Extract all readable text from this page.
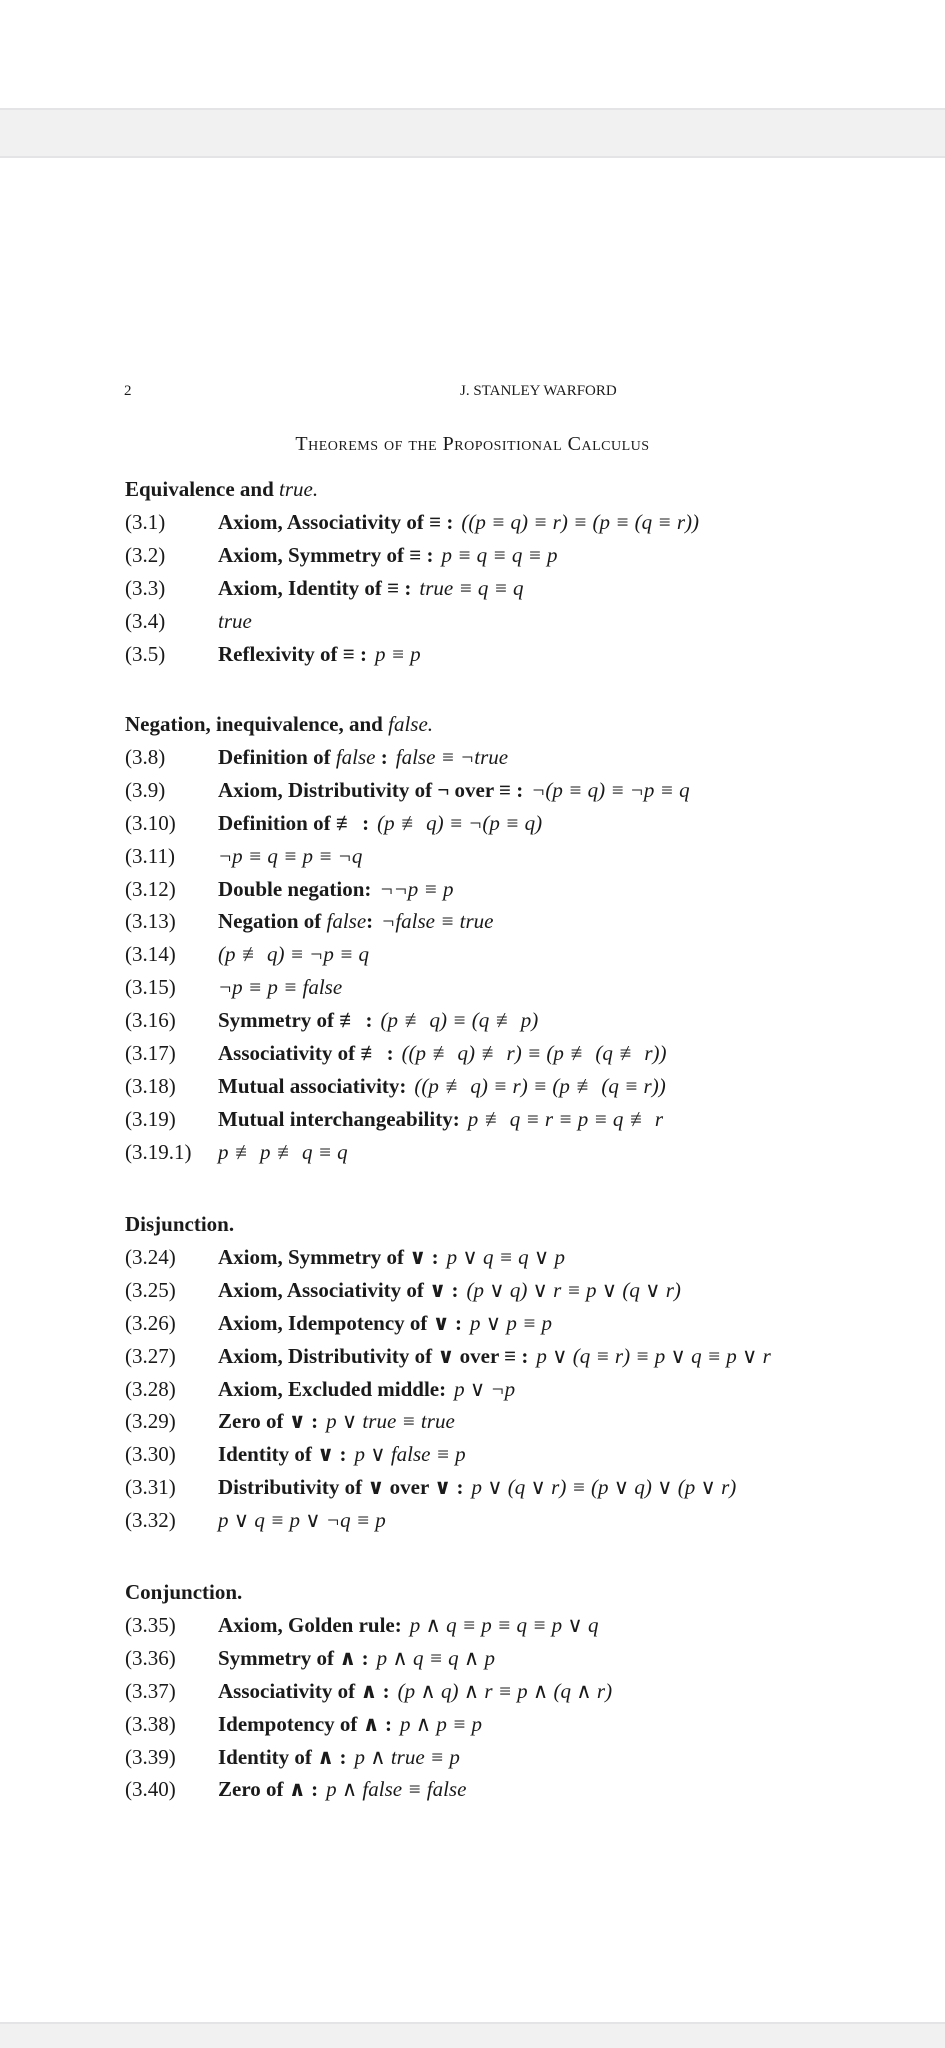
2	J. STANLEY WARFORD
Theorems of the Propositional Calculus
Equivalence and true.
(3.1)	Axiom, Associativity of ≡ : ((p ≡ q) ≡ r) ≡ (p ≡ (q ≡ r))
(3.2)	Axiom, Symmetry of ≡ : p ≡ q ≡ q ≡ p
(3.3)	Axiom, Identity of ≡ : true ≡ q ≡ q
(3.4)	true
(3.5)	Reflexivity of ≡ : p ≡ p
Negation, inequivalence, and false.
(3.8)	Definition of false : false ≡ ¬true
(3.9)	Axiom, Distributivity of ¬ over ≡ : ¬(p ≡ q) ≡ ¬p ≡ q
(3.10)	Definition of ≢ : (p ≢ q) ≡ ¬(p ≡ q)
(3.11)	¬p ≡ q ≡ p ≡ ¬q
(3.12)	Double negation: ¬¬p ≡ p
(3.13)	Negation of false: ¬false ≡ true
(3.14)	(p ≢ q) ≡ ¬p ≡ q
(3.15)	¬p ≡ p ≡ false
(3.16)	Symmetry of ≢ : (p ≢ q) ≡ (q ≢ p)
(3.17)	Associativity of ≢ : ((p ≢ q) ≢ r) ≡ (p ≢ (q ≢ r))
(3.18)	Mutual associativity: ((p ≢ q) ≡ r) ≡ (p ≢ (q ≡ r))
(3.19)	Mutual interchangeability: p ≢ q ≡ r ≡ p ≡ q ≢ r
(3.19.1)	p ≢ p ≢ q ≡ q
Disjunction.
(3.24)	Axiom, Symmetry of ∨ : p ∨ q ≡ q ∨ p
(3.25)	Axiom, Associativity of ∨ : (p ∨ q) ∨ r ≡ p ∨ (q ∨ r)
(3.26)	Axiom, Idempotency of ∨ : p ∨ p ≡ p
(3.27)	Axiom, Distributivity of ∨ over ≡ : p ∨ (q ≡ r) ≡ p ∨ q ≡ p ∨ r
(3.28)	Axiom, Excluded middle: p ∨ ¬p
(3.29)	Zero of ∨ : p ∨ true ≡ true
(3.30)	Identity of ∨ : p ∨ false ≡ p
(3.31)	Distributivity of ∨ over ∨ : p ∨ (q ∨ r) ≡ (p ∨ q) ∨ (p ∨ r)
(3.32)	p ∨ q ≡ p ∨ ¬q ≡ p
Conjunction.
(3.35)	Axiom, Golden rule: p ∧ q ≡ p ≡ q ≡ p ∨ q
(3.36)	Symmetry of ∧ : p ∧ q ≡ q ∧ p
(3.37)	Associativity of ∧ : (p ∧ q) ∧ r ≡ p ∧ (q ∧ r)
(3.38)	Idempotency of ∧ : p ∧ p ≡ p
(3.39)	Identity of ∧ : p ∧ true ≡ p
(3.40)	Zero of ∧ : p ∧ false ≡ false
